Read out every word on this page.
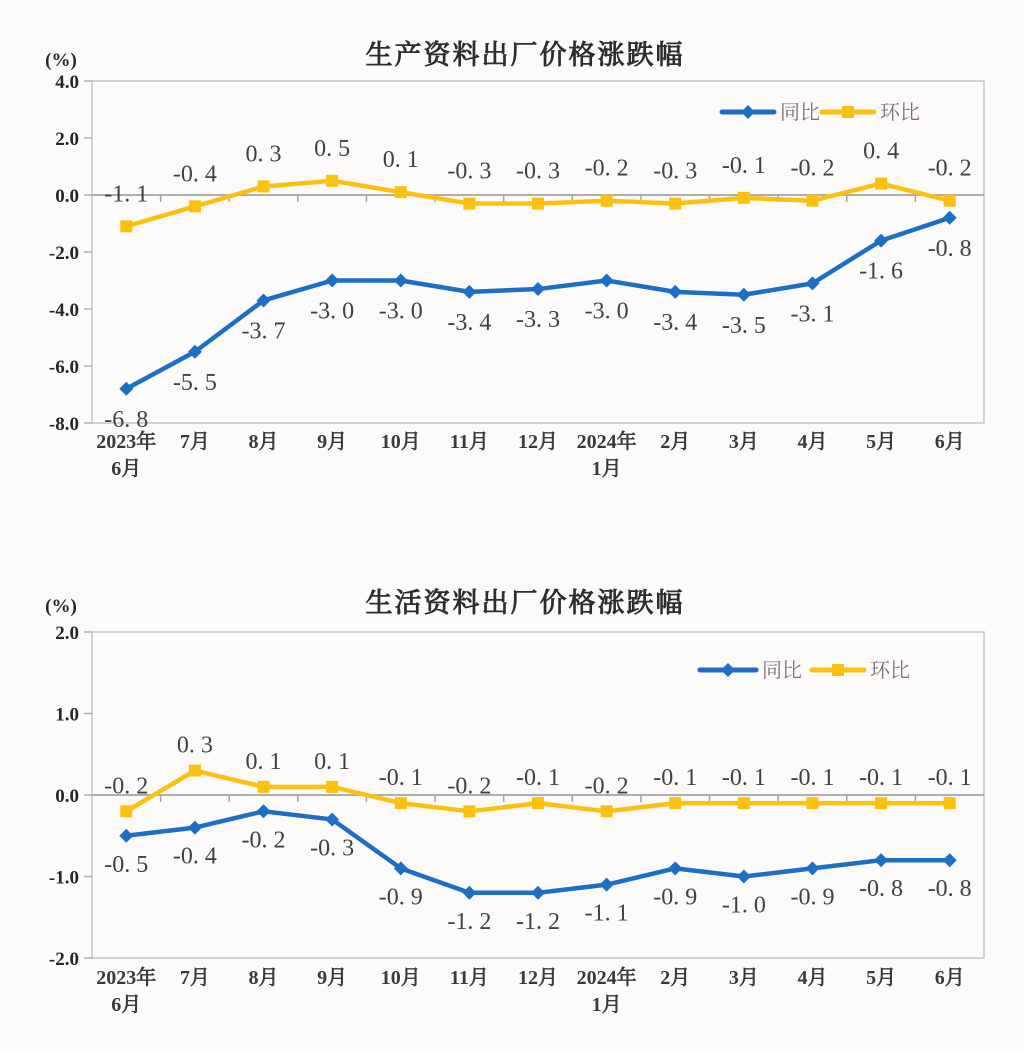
(%)	生产资料出厂价格涨跌幅
4.0
2.0
0.0
-2.0
-4.0
-6.0
-8.0
2023年 6月
7月 8月 9月 10月 11月 12月 2024年 1月
2月 3月 4月 5月 6月
-6. 8
-5. 5
-3. 7
-3. 0 -3. 0 -3. 4 -3. 3 -3. 0 -3. 4 -3. 5 -3. 1
-1. 6
-0. 8
-1. 1
-0. 4
0. 3 0. 5 0. 1 -0. 3 -0. 3 -0. 2 -0. 3 -0. 1 -0. 2
0. 4
-0. 2
同比	环比
(%)	生活资料出厂价格涨跌幅
2.0
1.0
0.0
-1.0
-2.0
2023年 6月
7月 8月 9月 10月 11月 12月 2024年 1月
2月 3月 4月 5月 6月
-0. 5 -0. 4
-0. 2 -0. 3
-0. 9
-1. 2 -1. 2 -1. 1
-0. 9 -1. 0 -0. 9 -0. 8 -0. 8
-0. 2
0. 3
0. 1 0. 1
-0. 1 -0. 2 -0. 1 -0. 2 -0. 1 -0. 1 -0. 1 -0. 1 -0. 1
同比	环比
